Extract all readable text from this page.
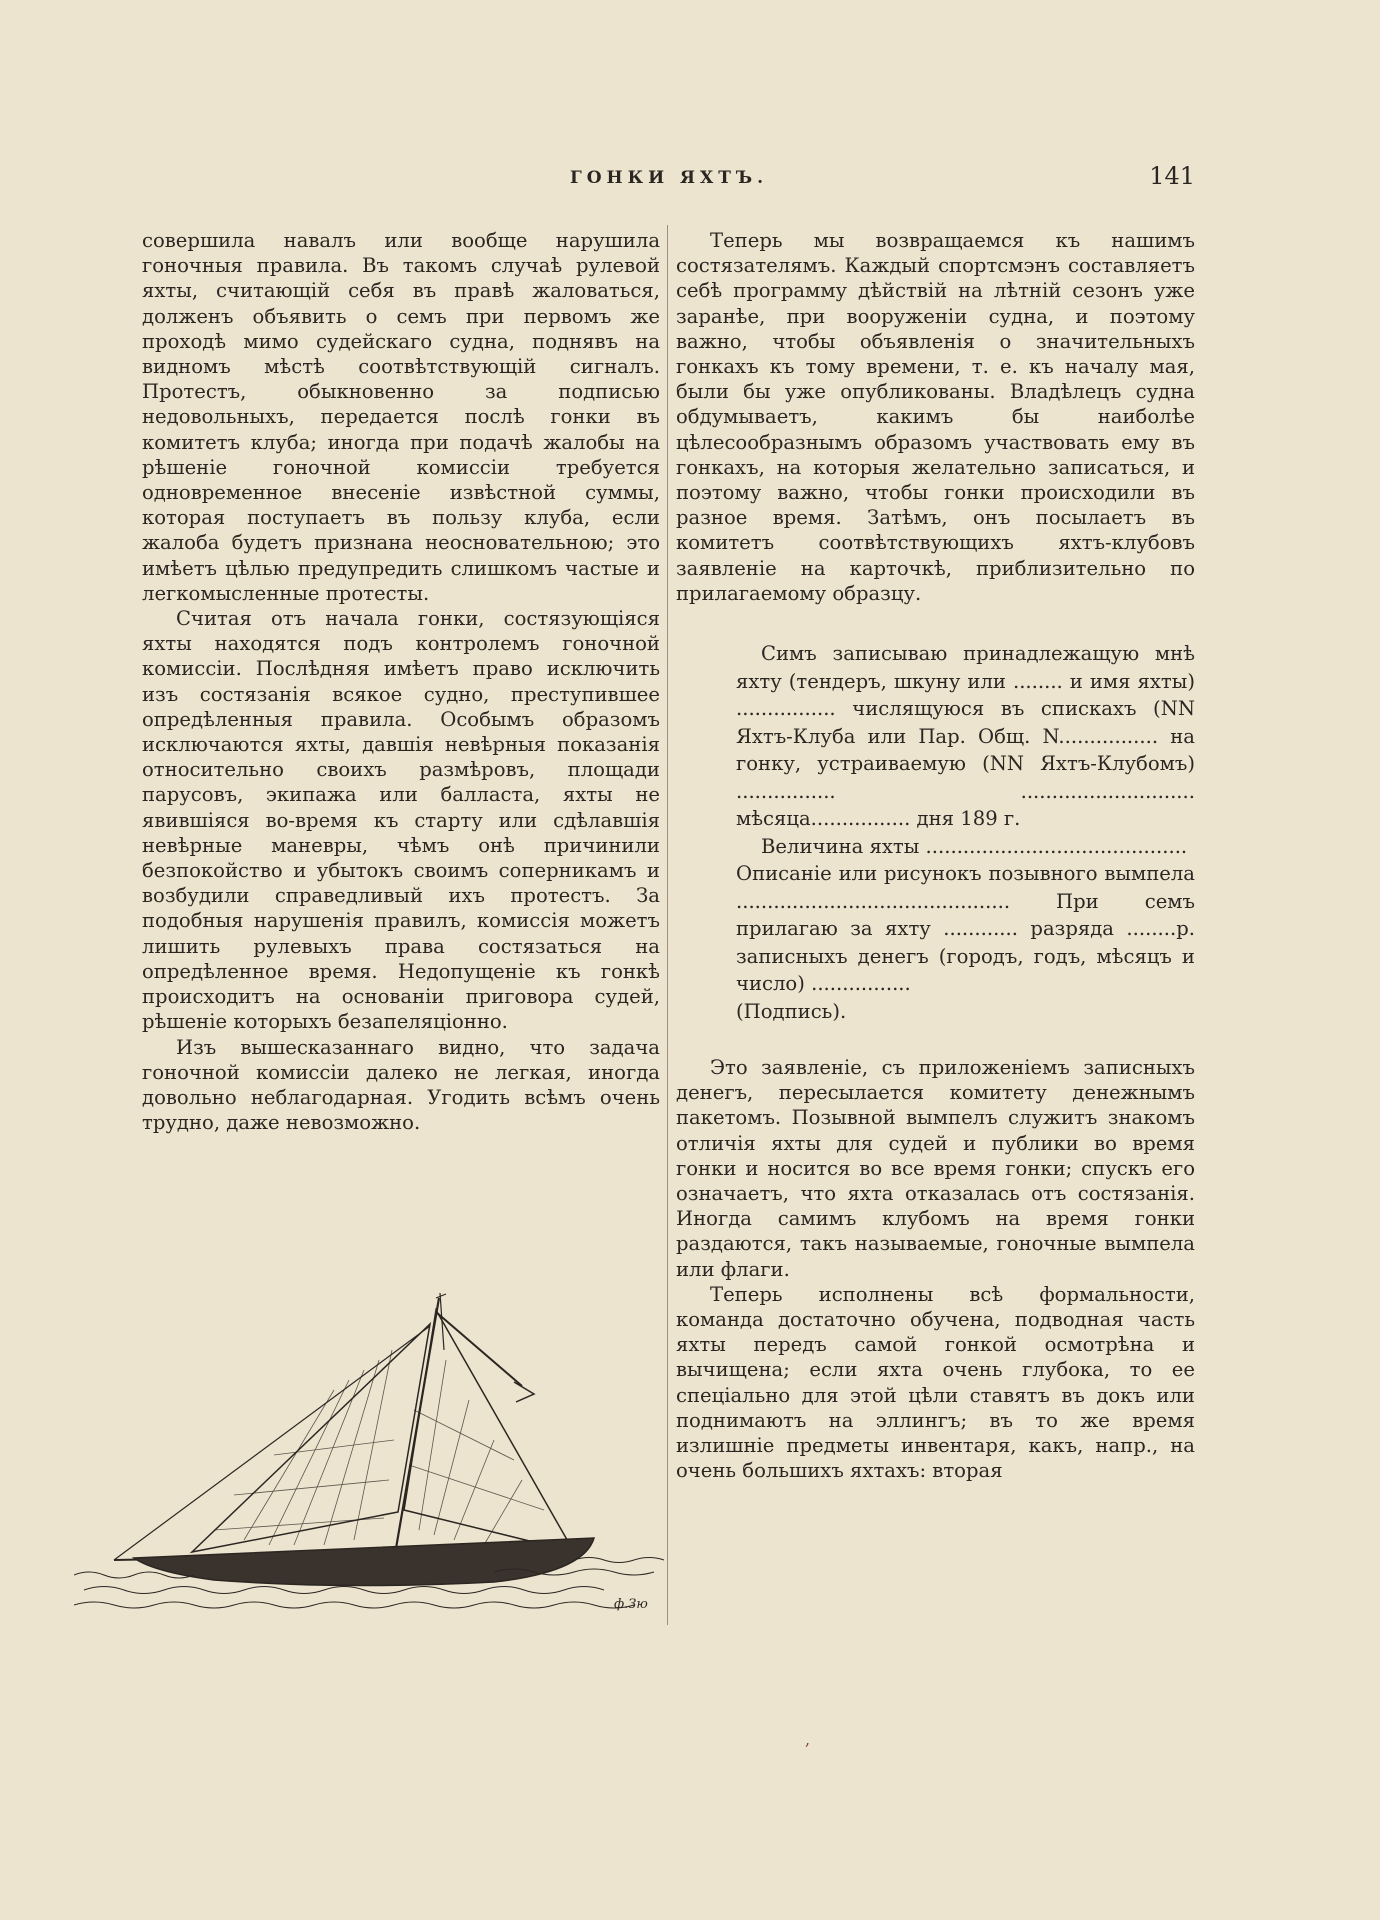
ГОНКИ ЯХТЪ.	141

совершила навалъ или вообще нарушила гоночныя правила. Въ такомъ случаѣ рулевой яхты, считающій себя въ правѣ жаловаться, долженъ объявить о семъ при первомъ же проходѣ мимо судейскаго судна, поднявъ на видномъ мѣстѣ соотвѣтствующій сигналъ. Протестъ, обыкновенно за подписью недовольныхъ, передается послѣ гонки въ комитетъ клуба; иногда при подачѣ жалобы на рѣшеніе гоночной комиссіи требуется одновременное внесеніе извѣстной суммы, которая поступаетъ въ пользу клуба, если жалоба будетъ признана неосновательною; это имѣетъ цѣлью предупредить слишкомъ частые и легкомысленные протесты.

Считая отъ начала гонки, состязующіяся яхты находятся подъ контролемъ гоночной комиссіи. Послѣдняя имѣетъ право исключить изъ состязанія всякое судно, преступившее опредѣленныя правила. Особымъ образомъ исключаются яхты, давшія невѣрныя показанія относительно своихъ размѣровъ, площади парусовъ, экипажа или балласта, яхты не явившіяся во-время къ старту или сдѣлавшія невѣрные маневры, чѣмъ онѣ причинили безпокойство и убытокъ своимъ соперникамъ и возбудили справедливый ихъ протестъ. За подобныя нарушенія правилъ, комиссія можетъ лишить рулевыхъ права состязаться на опредѣленное время. Недопущеніе къ гонкѣ происходитъ на основаніи приговора судей, рѣшеніе которыхъ безапеляціонно.

Изъ вышесказаннаго видно, что задача гоночной комиссіи далеко не легкая, иногда довольно неблагодарная. Угодить всѣмъ очень трудно, даже невозможно.

Теперь мы возвращаемся къ нашимъ состязателямъ. Каждый спортсмэнъ составляетъ себѣ программу дѣйствій на лѣтній сезонъ уже заранѣе, при вооруженіи судна, и поэтому важно, чтобы объявленія о значительныхъ гонкахъ къ тому времени, т. е. къ началу мая, были бы уже опубликованы. Владѣлецъ судна обдумываетъ, какимъ бы наиболѣе цѣлесообразнымъ образомъ участвовать ему въ гонкахъ, на которыя желательно записаться, и поэтому важно, чтобы гонки происходили въ разное время. Затѣмъ, онъ посылаетъ въ комитетъ соотвѣтствующихъ яхтъ-клубовъ заявленіе на карточкѣ, приблизительно по прилагаемому образцу.

Симъ записываю принадлежащую мнѣ яхту (тендеръ, шкуну или ........ и имя яхты) ................ числящуюся въ спискахъ (NN Яхтъ-Клуба или Пар. Общ. N................ на гонку, устраиваемую (NN Яхтъ-Клубомъ) ................ ............................ мѣсяца................ дня 189 г.

Величина яхты ..........................................

Описаніе или рисунокъ позывного вымпела ............................................ При семъ прилагаю за яхту ............ разряда ........р. записныхъ денегъ (городъ, годъ, мѣсяцъ и число) ................

(Подпись).

Это заявленіе, съ приложеніемъ записныхъ денегъ, пересылается комитету денежнымъ пакетомъ. Позывной вымпелъ служитъ знакомъ отличія яхты для судей и публики во время гонки и носится во все время гонки; спускъ его означаетъ, что яхта отказалась отъ состязанія. Иногда самимъ клубомъ на время гонки раздаются, такъ называемые, гоночные вымпела или флаги.

Теперь исполнены всѣ формальности, команда достаточно обучена, подводная часть яхты передъ самой гонкой осмотрѣна и вычищена; если яхта очень глубока, то ее спеціально для этой цѣли ставятъ въ докъ или поднимаютъ на эллингъ; въ то же время излишніе предметы инвентаря, какъ, напр., на очень большихъ яхтахъ: вторая

ф.Зю
,
